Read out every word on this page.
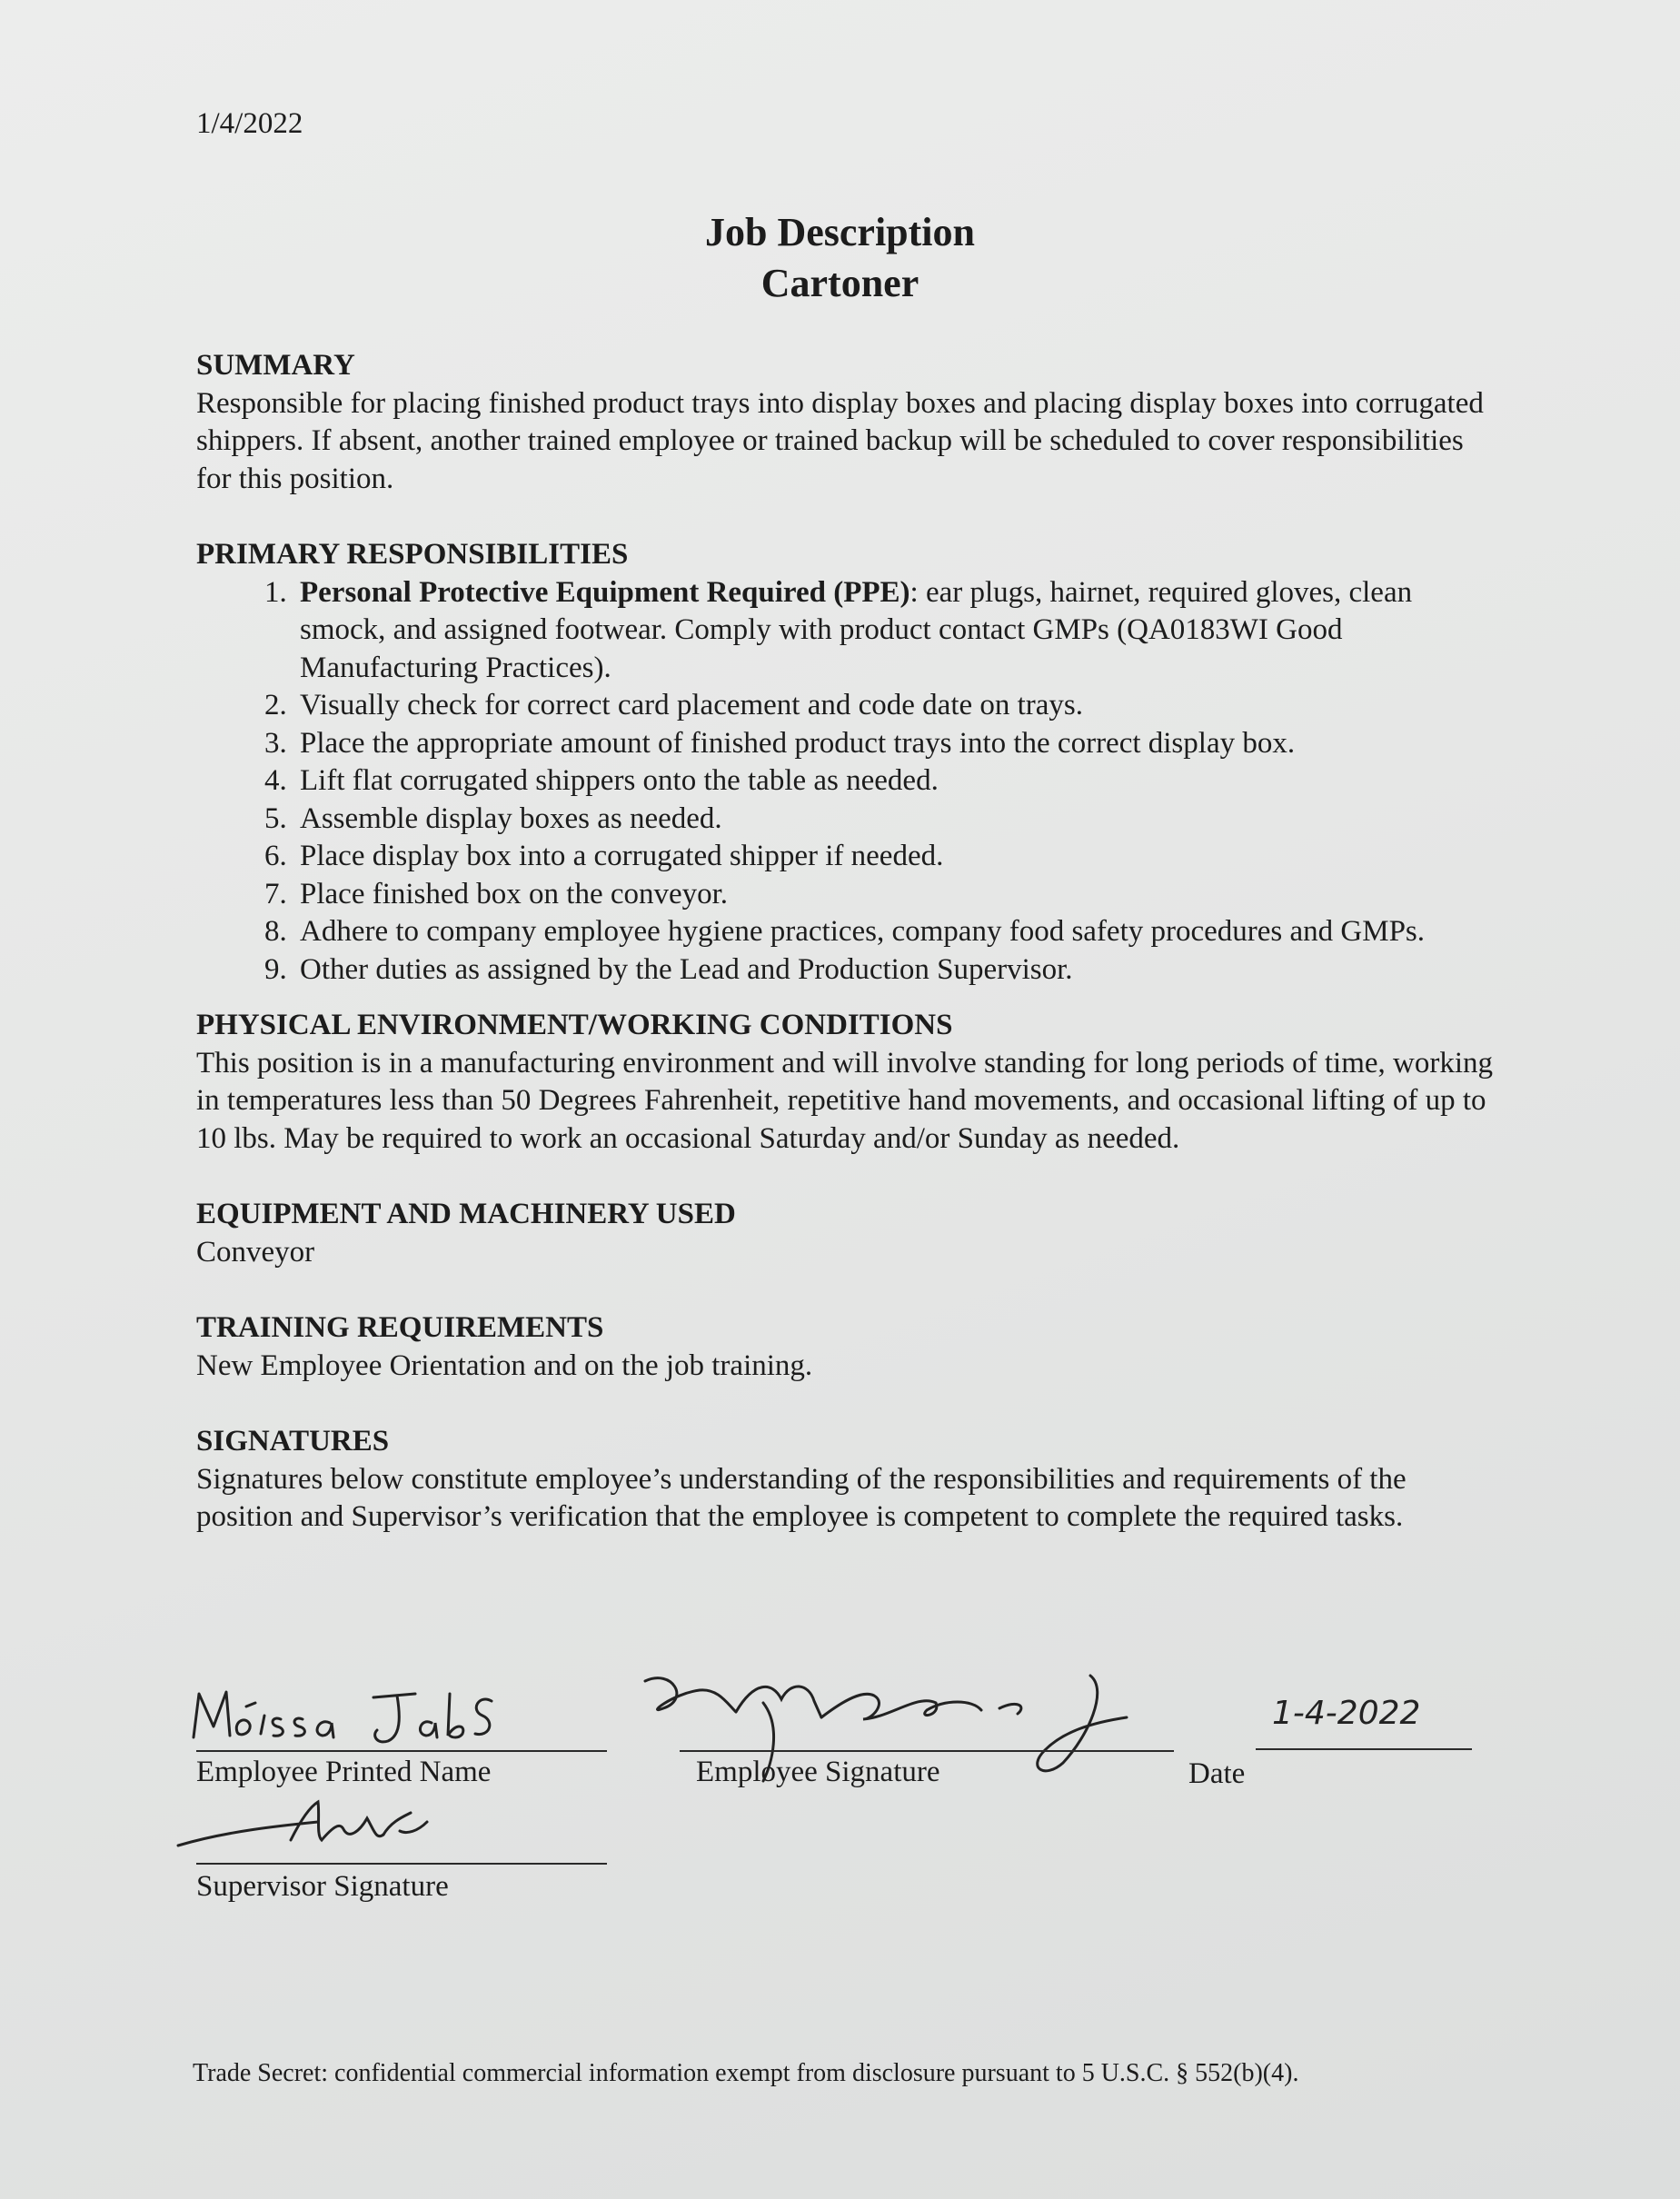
1/4/2022
Job Description
Cartoner

SUMMARY

Responsible for placing finished product trays into display boxes and placing display boxes into corrugated shippers. If absent, another trained employee or trained backup will be scheduled to cover responsibilities for this position.

PRIMARY RESPONSIBILITIES

1. Personal Protective Equipment Required (PPE): ear plugs, hairnet, required gloves, clean smock, and assigned footwear. Comply with product contact GMPs (QA0183WI Good Manufacturing Practices).
2. Visually check for correct card placement and code date on trays.
3. Place the appropriate amount of finished product trays into the correct display box.
4. Lift flat corrugated shippers onto the table as needed.
5. Assemble display boxes as needed.
6. Place display box into a corrugated shipper if needed.
7. Place finished box on the conveyor.
8. Adhere to company employee hygiene practices, company food safety procedures and GMPs.
9. Other duties as assigned by the Lead and Production Supervisor.

PHYSICAL ENVIRONMENT/WORKING CONDITIONS

This position is in a manufacturing environment and will involve standing for long periods of time, working in temperatures less than 50 Degrees Fahrenheit, repetitive hand movements, and occasional lifting of up to 10 lbs. May be required to work an occasional Saturday and/or Sunday as needed.

EQUIPMENT AND MACHINERY USED

Conveyor

TRAINING REQUIREMENTS

New Employee Orientation and on the job training.

SIGNATURES

Signatures below constitute employee’s understanding of the responsibilities and requirements of the position and Supervisor’s verification that the employee is competent to complete the required tasks.

1-4-2022
Employee Printed Name	Employee Signature	Date
Supervisor Signature
Trade Secret: confidential commercial information exempt from disclosure pursuant to 5 U.S.C. § 552(b)(4).
